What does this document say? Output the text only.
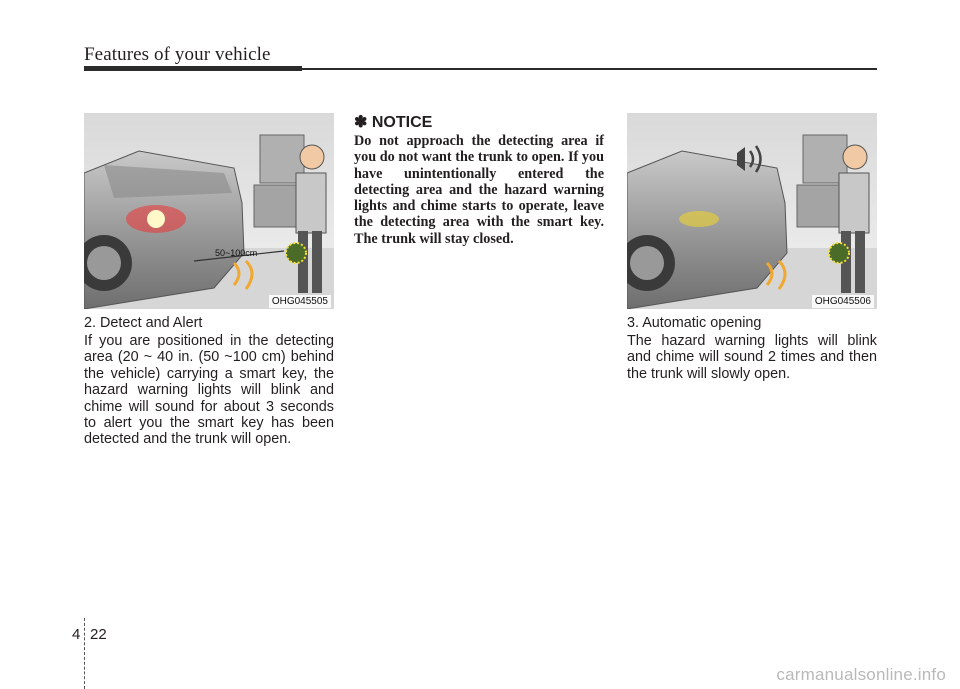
Features of your vehicle
50~100cm
OHG045505
2. Detect and Alert
If you are positioned in the detecting area (20 ~ 40 in. (50 ~100 cm) behind the vehicle) carrying a smart key, the hazard warning lights will blink and chime will sound for about 3 seconds to alert you the smart key has been detected and the trunk will open.
✽ NOTICE
Do not approach the detecting area if you do not want the trunk to open. If you have unintentionally entered the detecting area and the hazard warning lights and chime starts to operate, leave the detecting area with the smart key. The trunk will stay closed.
OHG045506
3. Automatic opening
The hazard warning lights will blink and chime will sound 2 times and then the trunk will slowly open.
4 22
carmanualsonline.info
